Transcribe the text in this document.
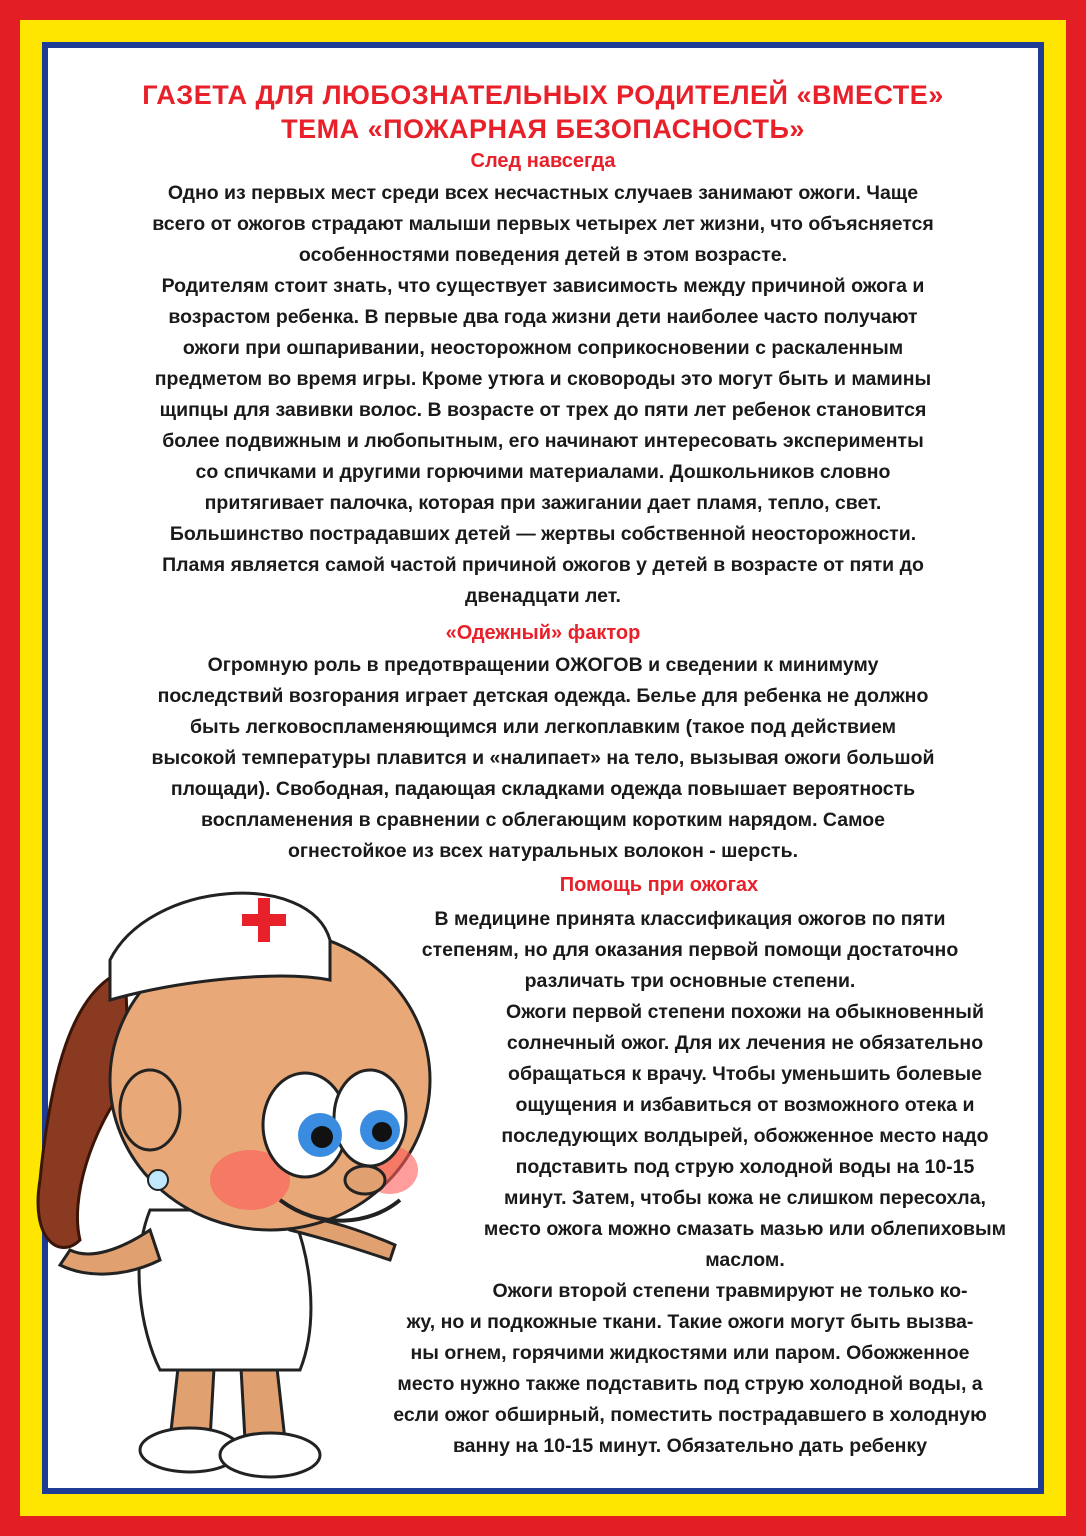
ГАЗЕТА ДЛЯ ЛЮБОЗНАТЕЛЬНЫХ РОДИТЕЛЕЙ «ВМЕСТЕ»
ТЕМА «ПОЖАРНАЯ БЕЗОПАСНОСТЬ»
След навсегда
Одно из первых мест среди всех несчастных случаев занимают ожоги. Чаще
всего от ожогов страдают малыши первых четырех лет жизни, что объясняется
особенностями поведения детей в этом возрасте.
Родителям стоит знать, что существует зависимость между причиной ожога и
возрастом ребенка. В первые два года жизни дети наиболее часто получают
ожоги при ошпаривании, неосторожном соприкосновении с раскаленным
предметом во время игры. Кроме утюга и сковороды это могут быть и мамины
щипцы для завивки волос. В возрасте от трех до пяти лет ребенок становится
более подвижным и любопытным, его начинают интересовать эксперименты
со спичками и другими горючими материалами. Дошкольников словно
притягивает палочка, которая при зажигании дает пламя, тепло, свет.
Большинство пострадавших детей — жертвы собственной неосторожности.
Пламя является самой частой причиной ожогов у детей в возрасте от пяти до
двенадцати лет.
«Одежный» фактор
Огромную роль в предотвращении ОЖОГОВ и сведении к минимуму
последствий возгорания играет детская одежда. Белье для ребенка не должно
быть легковоспламеняющимся или легкоплавким (такое под действием
высокой температуры плавится и «налипает» на тело, вызывая ожоги большой
площади). Свободная, падающая складками одежда повышает вероятность
воспламенения в сравнении с облегающим коротким нарядом. Самое
огнестойкое из всех натуральных волокон - шерсть.
Помощь при ожогах
В медицине принята классификация ожогов по пяти
степеням, но для оказания первой помощи достаточно
различать три основные степени.
Ожоги первой степени похожи на обыкновенный
солнечный ожог. Для их лечения не обязательно
обращаться к врачу. Чтобы уменьшить болевые
ощущения и избавиться от возможного отека и
последующих волдырей, обожженное место надо
подставить под струю холодной воды на 10-15
минут. Затем, чтобы кожа не слишком пересохла,
место ожога можно смазать мазью или облепиховым
маслом.
Ожоги второй степени травмируют не только ко-
жу, но и подкожные ткани. Такие ожоги могут быть вызва-
ны огнем, горячими жидкостями или паром. Обожженное
место нужно также подставить под струю холодной воды, а
если ожог обширный, поместить пострадавшего в холодную
ванну на 10-15 минут. Обязательно дать ребенку
